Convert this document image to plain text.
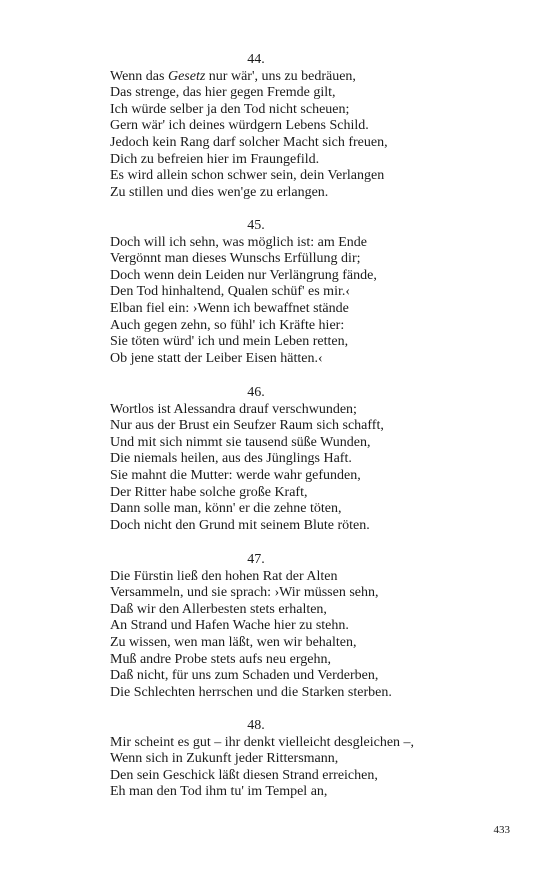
44.
Wenn das Gesetz nur wär', uns zu bedräuen,
Das strenge, das hier gegen Fremde gilt,
Ich würde selber ja den Tod nicht scheuen;
Gern wär' ich deines würdgern Lebens Schild.
Jedoch kein Rang darf solcher Macht sich freuen,
Dich zu befreien hier im Fraungefild.
Es wird allein schon schwer sein, dein Verlangen
Zu stillen und dies wen'ge zu erlangen.
45.
Doch will ich sehn, was möglich ist: am Ende
Vergönnt man dieses Wunschs Erfüllung dir;
Doch wenn dein Leiden nur Verlängrung fände,
Den Tod hinhaltend, Qualen schüf' es mir.‹
Elban fiel ein: ›Wenn ich bewaffnet stände
Auch gegen zehn, so fühl' ich Kräfte hier:
Sie töten würd' ich und mein Leben retten,
Ob jene statt der Leiber Eisen hätten.‹
46.
Wortlos ist Alessandra drauf verschwunden;
Nur aus der Brust ein Seufzer Raum sich schafft,
Und mit sich nimmt sie tausend süße Wunden,
Die niemals heilen, aus des Jünglings Haft.
Sie mahnt die Mutter: werde wahr gefunden,
Der Ritter habe solche große Kraft,
Dann solle man, könn' er die zehne töten,
Doch nicht den Grund mit seinem Blute röten.
47.
Die Fürstin ließ den hohen Rat der Alten
Versammeln, und sie sprach: ›Wir müssen sehn,
Daß wir den Allerbesten stets erhalten,
An Strand und Hafen Wache hier zu stehn.
Zu wissen, wen man läßt, wen wir behalten,
Muß andre Probe stets aufs neu ergehn,
Daß nicht, für uns zum Schaden und Verderben,
Die Schlechten herrschen und die Starken sterben.
48.
Mir scheint es gut – ihr denkt vielleicht desgleichen –,
Wenn sich in Zukunft jeder Rittersmann,
Den sein Geschick läßt diesen Strand erreichen,
Eh man den Tod ihm tu' im Tempel an,
433
